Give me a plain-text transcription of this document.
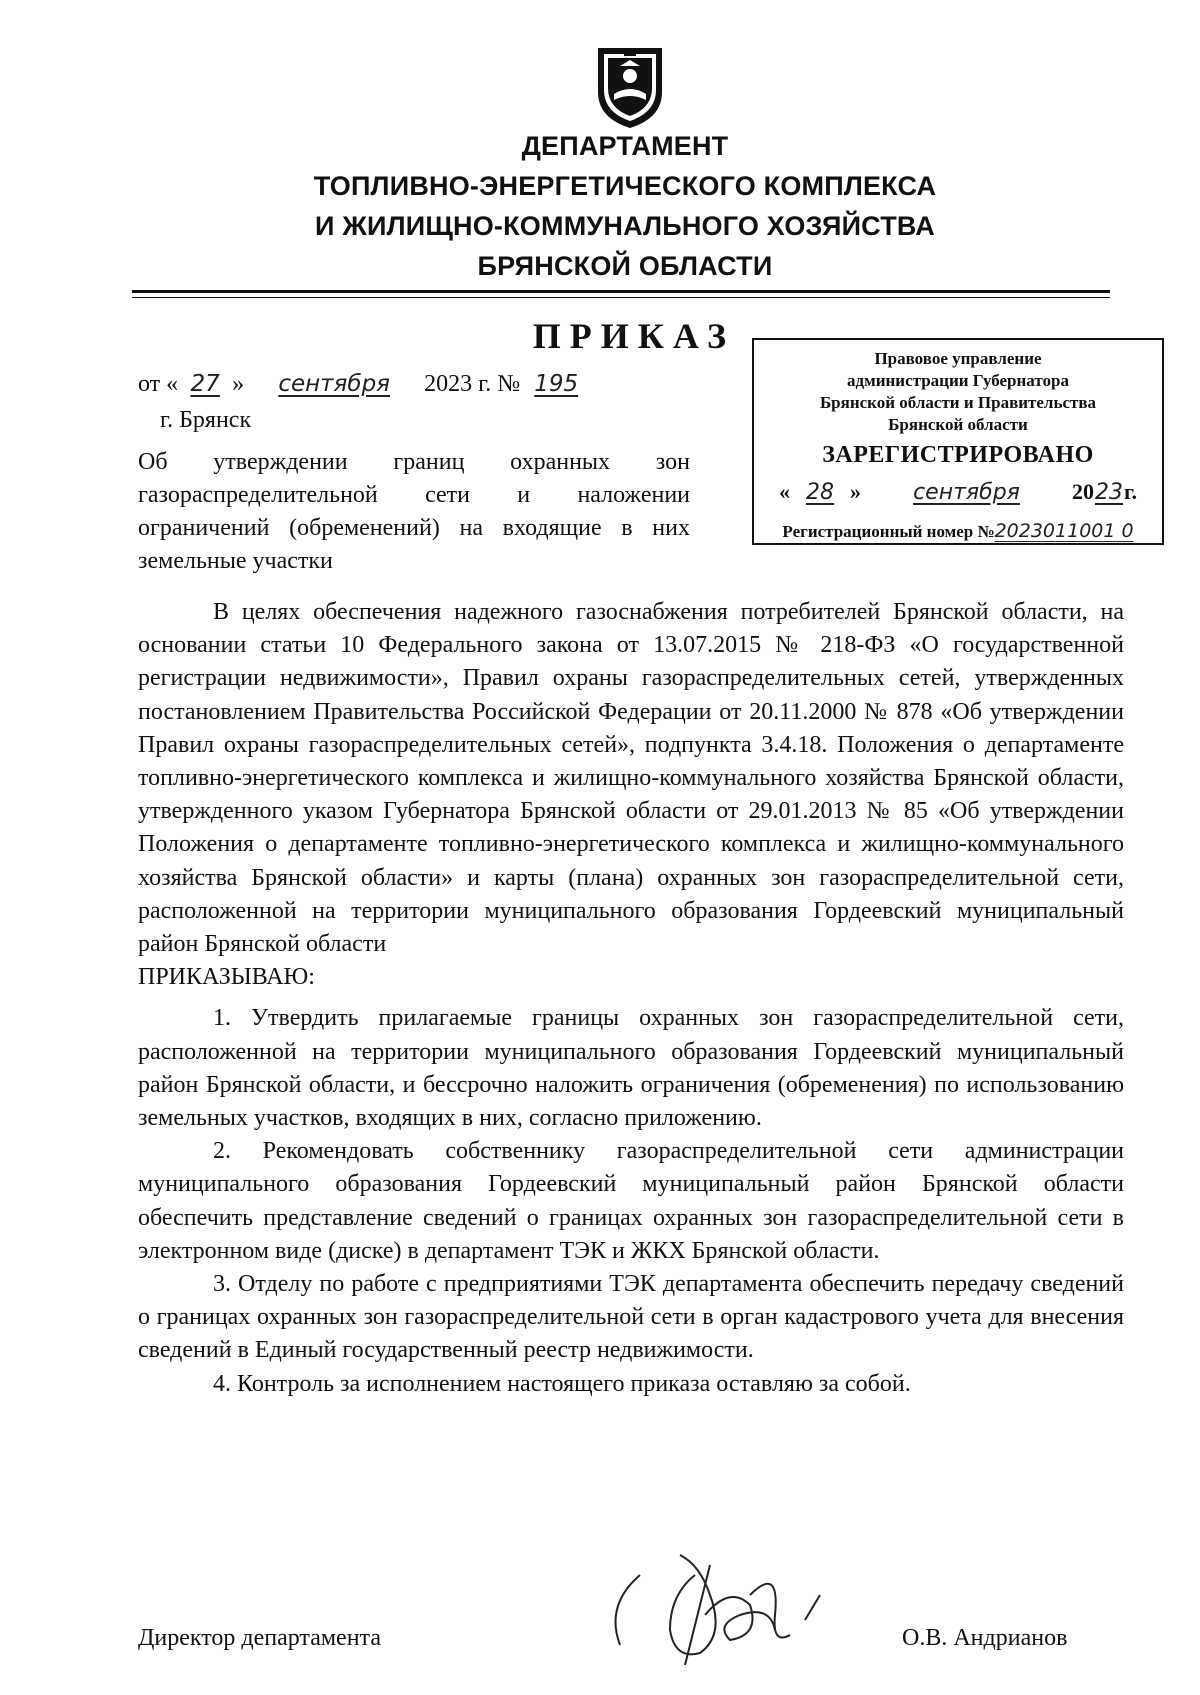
ДЕПАРТАМЕНТ
ТОПЛИВНО-ЭНЕРГЕТИЧЕСКОГО КОМПЛЕКСА
И ЖИЛИЩНО-КОММУНАЛЬНОГО ХОЗЯЙСТВА
БРЯНСКОЙ ОБЛАСТИ
ПРИКАЗ
от « 27 » сентября 2023 г. № 195
г. Брянск
Об утверждении границ охранных зон газораспределительной сети и наложении ограничений (обременений) на входящие в них земельные участки
Правовое управление
администрации Губернатора
Брянской области и Правительства
Брянской области
ЗАРЕГИСТРИРОВАНО
« 28 » сентября 2023г.
Регистрационный номер №2023011001 0

В целях обеспечения надежного газоснабжения потребителей Брянской области, на основании статьи 10 Федерального закона от 13.07.2015 № 218-ФЗ «О государственной регистрации недвижимости», Правил охраны газораспределительных сетей, утвержденных постановлением Правительства Российской Федерации от 20.11.2000 № 878 «Об утверждении Правил охраны газораспределительных сетей», подпункта 3.4.18. Положения о департаменте топливно-энергетического комплекса и жилищно-коммунального хозяйства Брянской области, утвержденного указом Губернатора Брянской области от 29.01.2013 № 85 «Об утверждении Положения о департаменте топливно-энергетического комплекса и жилищно-коммунального хозяйства Брянской области» и карты (плана) охранных зон газораспределительной сети, расположенной на территории муниципального образования Гордеевский муниципальный район Брянской области

ПРИКАЗЫВАЮ:

1. Утвердить прилагаемые границы охранных зон газораспределительной сети, расположенной на территории муниципального образования Гордеевский муниципальный район Брянской области, и бессрочно наложить ограничения (обременения) по использованию земельных участков, входящих в них, согласно приложению.

2. Рекомендовать собственнику газораспределительной сети администрации муниципального образования Гордеевский муниципальный район Брянской области обеспечить представление сведений о границах охранных зон газораспределительной сети в электронном виде (диске) в департамент ТЭК и ЖКХ Брянской области.

3. Отделу по работе с предприятиями ТЭК департамента обеспечить передачу сведений о границах охранных зон газораспределительной сети в орган кадастрового учета для внесения сведений в Единый государственный реестр недвижимости.

4. Контроль за исполнением настоящего приказа оставляю за собой.

Директор департамента	О.В. Андрианов
